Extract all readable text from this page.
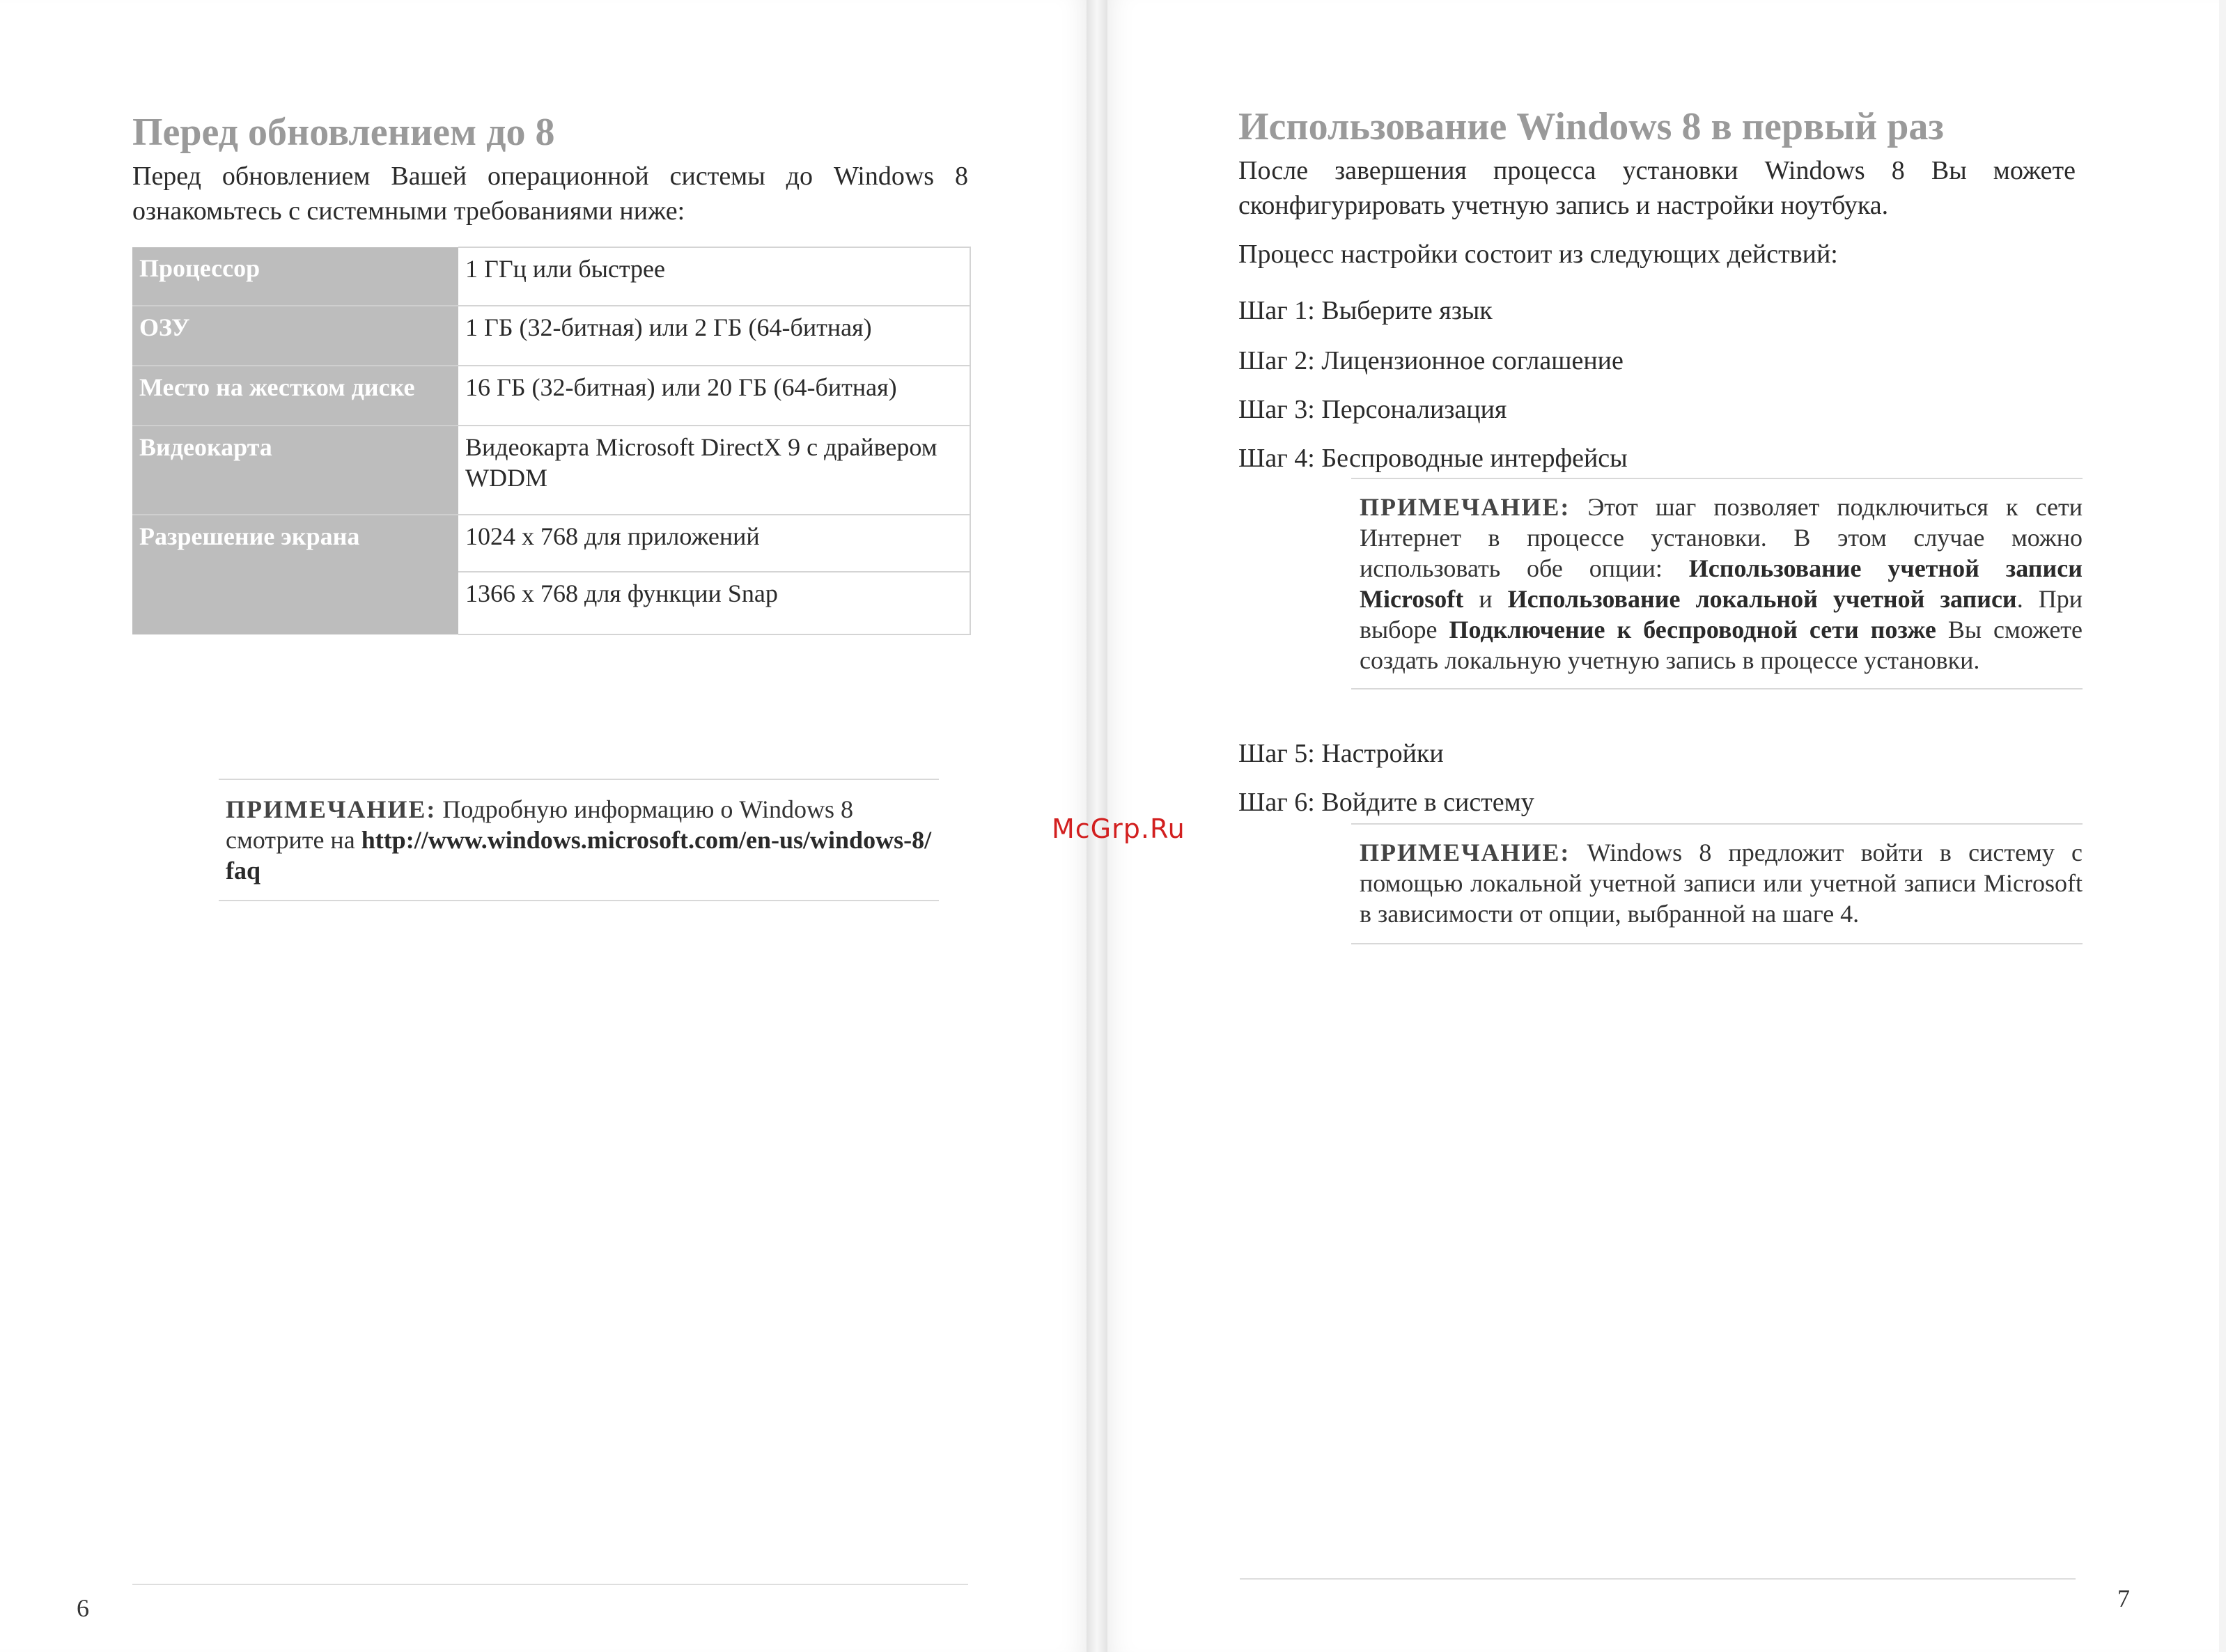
Перед обновлением до 8

Перед обновлением Вашей операционной системы до Windows 8 ознакомьтесь с системными требованиями ниже:

Процессор	1 ГГц или быстрее
ОЗУ	1 ГБ (32-битная) или 2 ГБ (64-битная)
Место на жестком диске	16 ГБ (32-битная) или 20 ГБ (64-битная)
Видеокарта	Видеокарта Microsoft DirectX 9 с драйвером WDDM
Разрешение экрана	1024 x 768 для приложений
	1366 x 768 для функции Snap
ПРИМЕЧАНИЕ: Подробную информацию о Windows 8 смотрите на http://www.windows.microsoft.com/en-us/windows-8/faq

6

McGrp.Ru

Использование Windows 8 в первый раз

После завершения процесса установки Windows 8 Вы можете сконфигурировать учетную запись и настройки ноутбука.

Процесс настройки состоит из следующих действий:

Шаг 1: Выберите язык

Шаг 2: Лицензионное соглашение

Шаг 3: Персонализация

Шаг 4: Беспроводные интерфейсы

ПРИМЕЧАНИЕ: Этот шаг позволяет подключиться к сети Интернет в процессе установки. В этом случае можно использовать обе опции: Использование учетной записи Microsoft и Использование локальной учетной записи. При выборе Подключение к беспроводной сети позже Вы сможете создать локальную учетную запись в процессе установки.

Шаг 5: Настройки

Шаг 6: Войдите в систему

ПРИМЕЧАНИЕ: Windows 8 предложит войти в систему с помощью локальной учетной записи или учетной записи Microsoft в зависимости от опции, выбранной на шаге 4.

7
